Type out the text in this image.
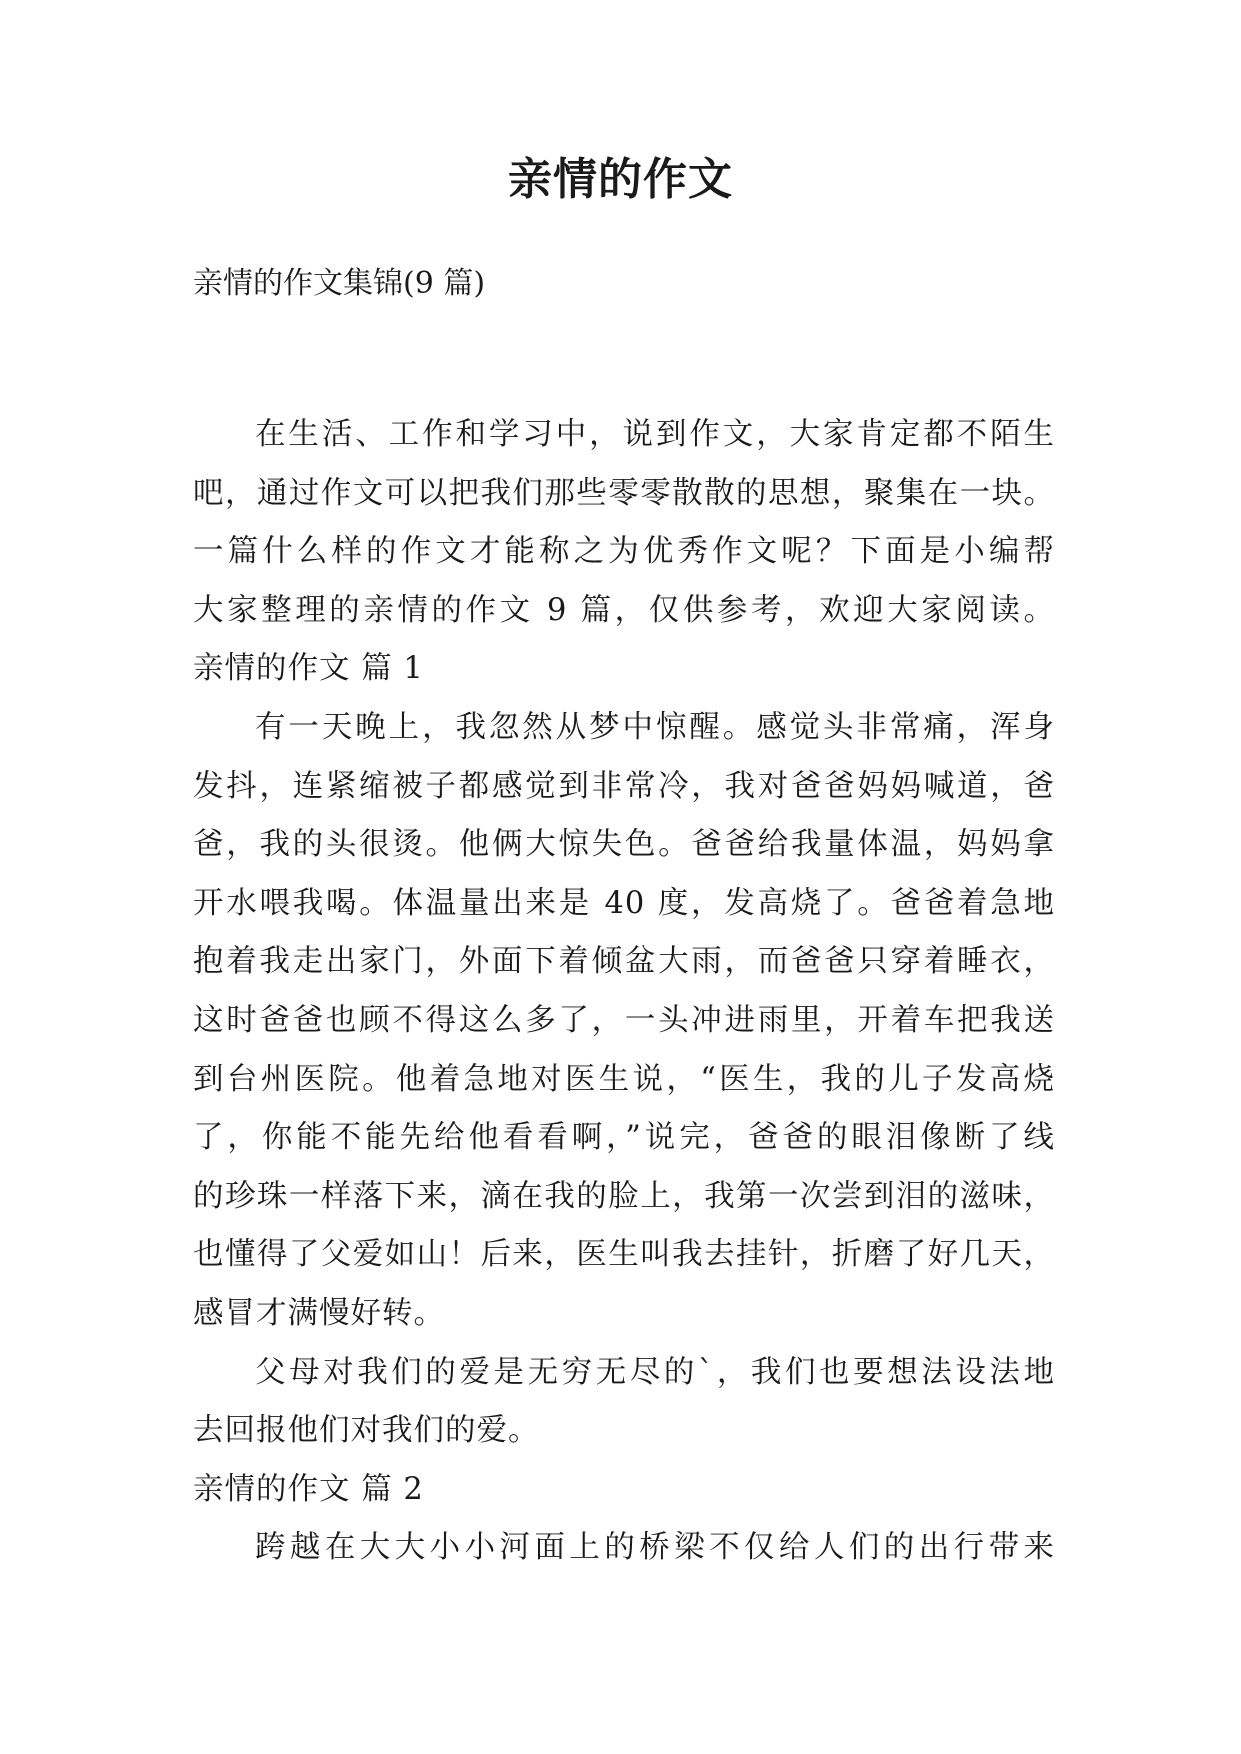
亲情的作文
亲情的作文集锦(9 篇)
在生活、工作和学习中，说到作文，大家肯定都不陌生
吧，通过作文可以把我们那些零零散散的思想，聚集在一块。
一篇什么样的作文才能称之为优秀作文呢？下面是小编帮
大家整理的亲情的作文 9 篇，仅供参考，欢迎大家阅读。
亲情的作文 篇 1
有一天晚上，我忽然从梦中惊醒。感觉头非常痛，浑身
发抖，连紧缩被子都感觉到非常冷，我对爸爸妈妈喊道，爸
爸，我的头很烫。他俩大惊失色。爸爸给我量体温，妈妈拿
开水喂我喝。体温量出来是 40 度，发高烧了。爸爸着急地
抱着我走出家门，外面下着倾盆大雨，而爸爸只穿着睡衣，
这时爸爸也顾不得这么多了，一头冲进雨里，开着车把我送
到台州医院。他着急地对医生说，“医生，我的儿子发高烧
了，你能不能先给他看看啊，”说完，爸爸的眼泪像断了线
的珍珠一样落下来，滴在我的脸上，我第一次尝到泪的滋味，
也懂得了父爱如山！后来，医生叫我去挂针，折磨了好几天，
感冒才满慢好转。
父母对我们的爱是无穷无尽的`，我们也要想法设法地
去回报他们对我们的爱。
亲情的作文 篇 2
跨越在大大小小河面上的桥梁不仅给人们的出行带来
